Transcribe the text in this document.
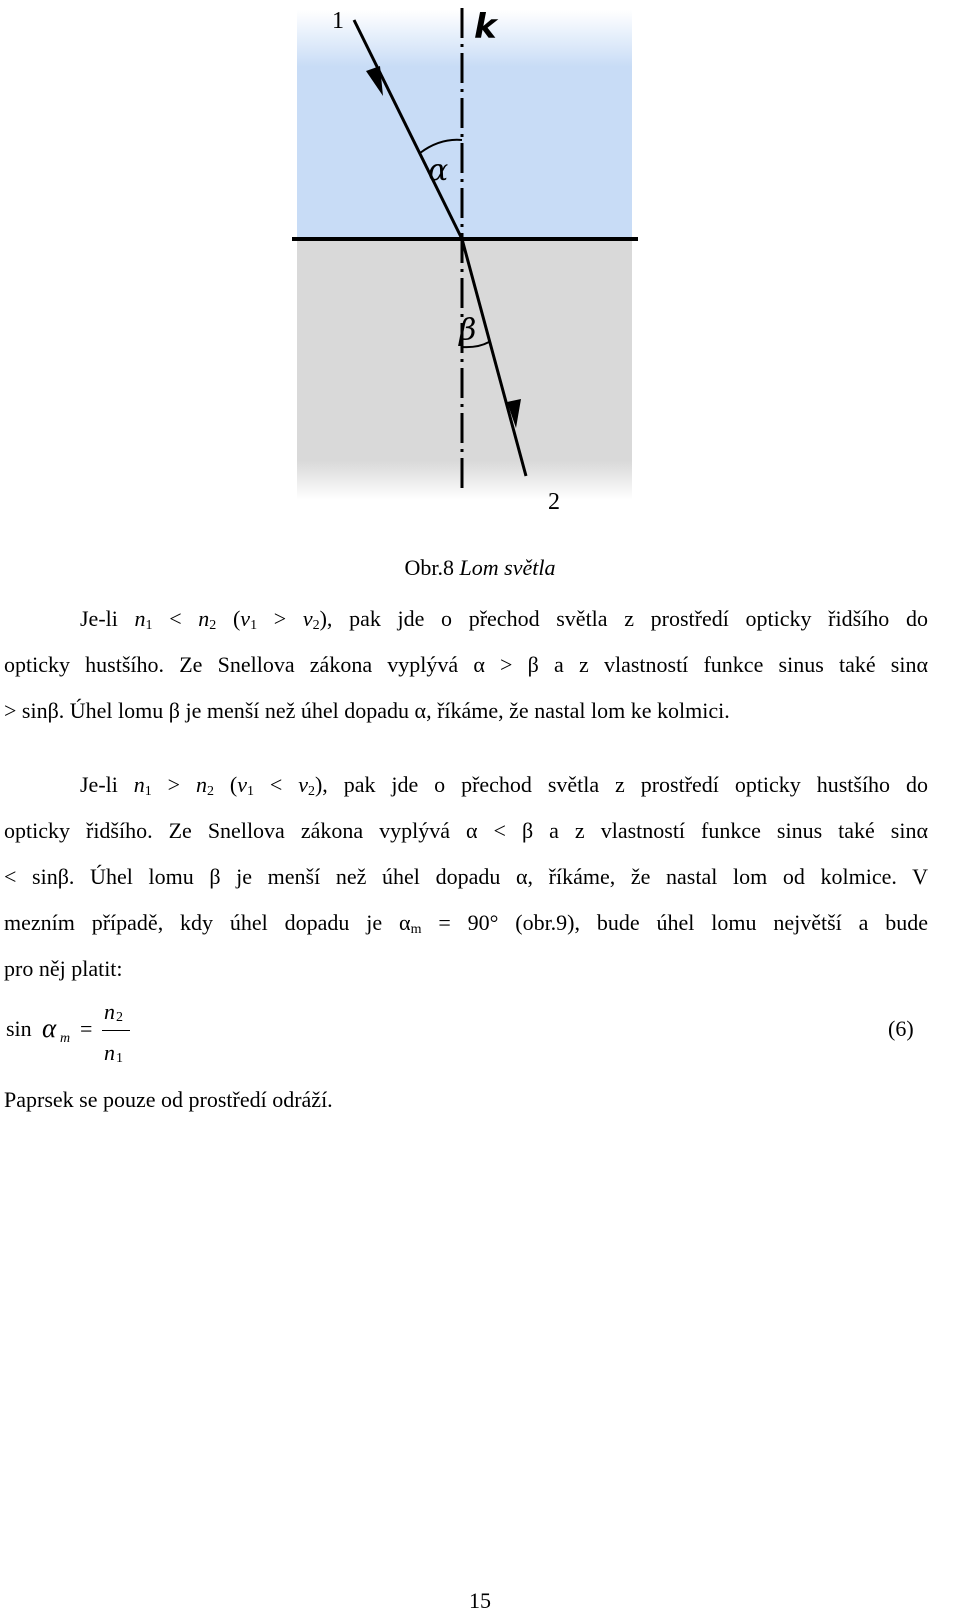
α
β
k
1
2
Obr.8 Lom světla
Je-li $n_1 < n_2$ $(v_1 > v_2)$, pak jde o přechod světla z prostředí opticky řidšího do
opticky hustšího. Ze Snellova zákona vyplývá α > β a z vlastností funkce sinus také sinα
> sinβ. Úhel lomu β je menší než úhel dopadu α, říkáme, že nastal lom ke kolmici.
Je-li $n_1 > n_2$ $(v_1 < v_2)$, pak jde o přechod světla z prostředí opticky hustšího do
opticky řidšího. Ze Snellova zákona vyplývá α < β a z vlastností funkce sinus také sinα
< sinβ. Úhel lomu β je menší než úhel dopadu α, říkáme, že nastal lom od kolmice. V
mezním případě, kdy úhel dopadu je $\alpha_m = 90^\circ$ (obr.9), bude úhel lomu největší a bude
pro něj platit:
sin α m =
n 2
n 1
(6)
Paprsek se pouze od prostředí odráží.
15
